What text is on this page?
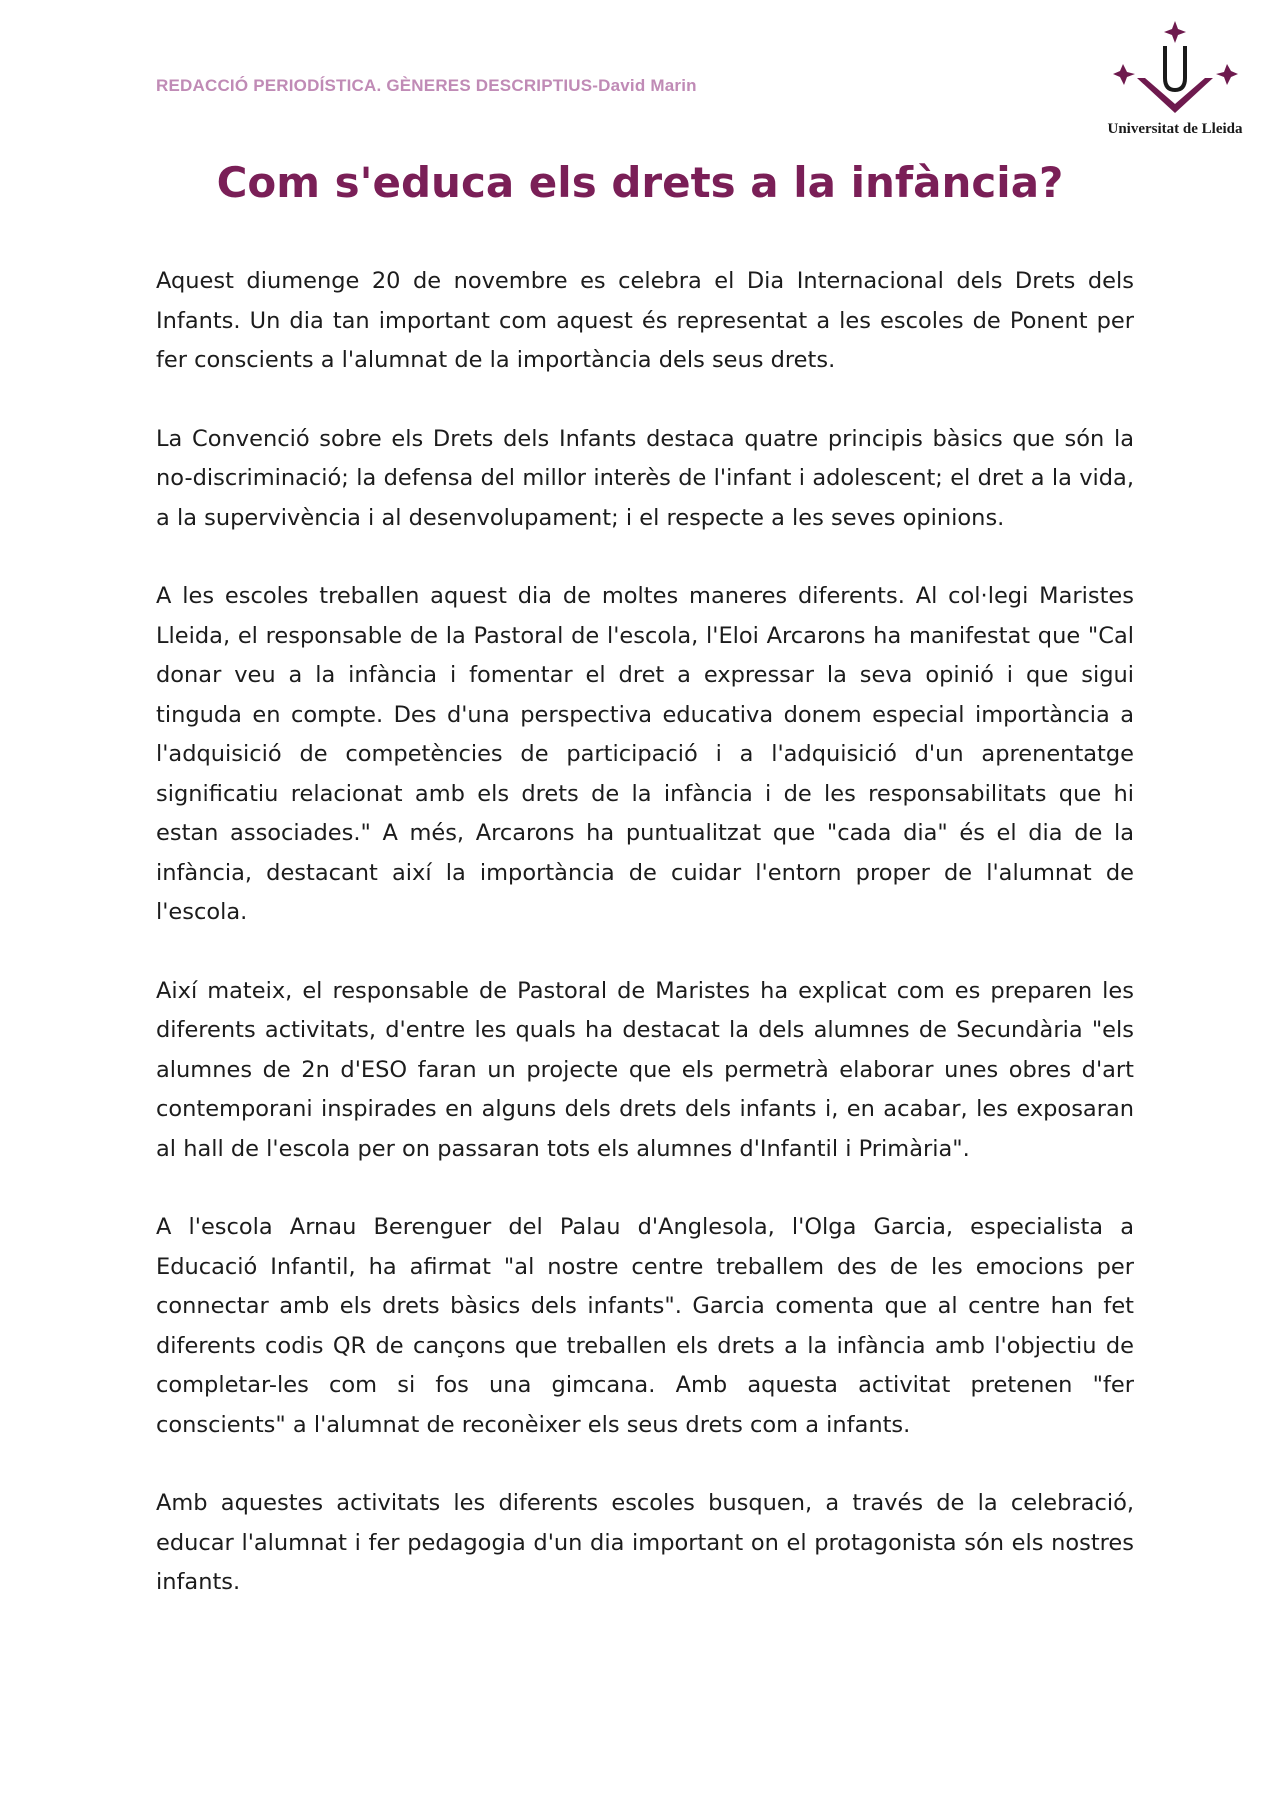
REDACCIÓ PERIODÍSTICA. GÈNERES DESCRIPTIUS-David Marin
Universitat de Lleida
Com s'educa els drets a la infància?

Aquest diumenge 20 de novembre es celebra el Dia Internacional dels Drets dels Infants. Un dia tan important com aquest és representat a les escoles de Ponent per fer conscients a l'alumnat de la importància dels seus drets.

La Convenció sobre els Drets dels Infants destaca quatre principis bàsics que són la no-discriminació; la defensa del millor interès de l'infant i adolescent; el dret a la vida, a la supervivència i al desenvolupament; i el respecte a les seves opinions.

A les escoles treballen aquest dia de moltes maneres diferents. Al col·legi Maristes Lleida, el responsable de la Pastoral de l'escola, l'Eloi Arcarons ha manifestat que "Cal donar veu a la infància i fomentar el dret a expressar la seva opinió i que sigui tinguda en compte. Des d'una perspectiva educativa donem especial importància a l'adquisició de competències de participació i a l'adquisició d'un aprenentatge significatiu relacionat amb els drets de la infància i de les responsabilitats que hi estan associades." A més, Arcarons ha puntualitzat que "cada dia" és el dia de la infància, destacant així la importància de cuidar l'entorn proper de l'alumnat de l'escola.

Així mateix, el responsable de Pastoral de Maristes ha explicat com es preparen les diferents activitats, d'entre les quals ha destacat la dels alumnes de Secundària "els alumnes de 2n d'ESO faran un projecte que els permetrà elaborar unes obres d'art contemporani inspirades en alguns dels drets dels infants i, en acabar, les exposaran al hall de l'escola per on passaran tots els alumnes d'Infantil i Primària".

A l'escola Arnau Berenguer del Palau d'Anglesola, l'Olga Garcia, especialista a Educació Infantil, ha afirmat "al nostre centre treballem des de les emocions per connectar amb els drets bàsics dels infants". Garcia comenta que al centre han fet diferents codis QR de cançons que treballen els drets a la infància amb l'objectiu de completar-les com si fos una gimcana. Amb aquesta activitat pretenen "fer conscients" a l'alumnat de reconèixer els seus drets com a infants.

Amb aquestes activitats les diferents escoles busquen, a través de la celebració, educar l'alumnat i fer pedagogia d'un dia important on el protagonista són els nostres infants.
